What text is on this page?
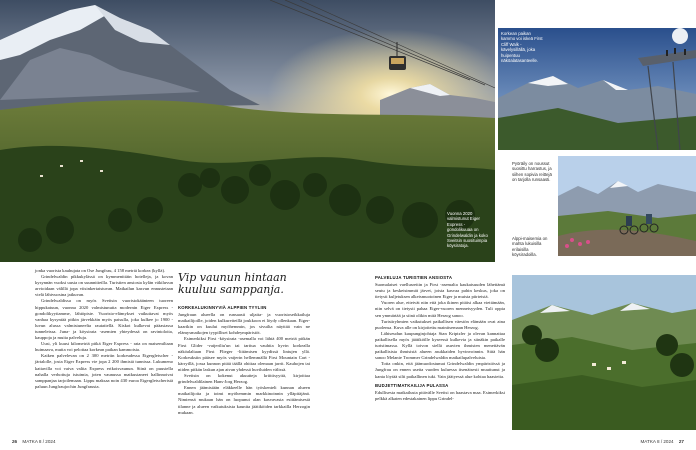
Vuonna 2020 valmistunut Eiger Express -gondolikuuaa on Grindelwaldin ja koko Sveitsin suosituimpia köysiratoja.
Korkean paikan kammo voi iskeä First Cliff Walk -kävelysillällä, joka huipentuu näköalatasanteelle.
Pyöräily on noussut suosittu harrastus, ja siihen sopivia reittejä on tarjolla runsaasti.
Alppi-maisemia on mahta lukuisilla erilaisilla köysiradoilla.

jonka vuorista kauhujata on Ose Jungfrau, 4 158 metriä korkea (kyllä).

Grindelwaldin pikkukylässä on kymmenittäin hotelleja, ja kovan kysynnän vuoksi uusia on suunnitteilla. Turistien ansiosta kylän väkiluvun arvioidaan välillä jopa viisinkertaistuvan. Matkailun kasvun ennustetaan vielä lähivuosina jatkuvan.

Grindelwaldissa on myös Sveitsin vuoristokäänteen tuoreen hippukatuun, vuonna 2020 valmistunutta modernin Eiger Express -gondolikyytiamme, lähtöpiste. Vuoristo-elämykset vaikuttavat myös vanhaa kysyntää pitkin järvekkäin myös paisulla, joka kulkee jo 1900 -luvun alussa valmistuneelta rautatiellä. Kiskot kulkevat pääasiassa tunneleissa. Juna- ja köysirata -asemien yhteydessä on ravintoloita, kauppoja ja muita palveluja.

Uusi, yli kuusi kilometriä pitkä Eiger Express - rata on maisemiltaan huimaava, mutta voi pelottaa korkean paikan kammoisia.

Kaiken palvelevan on 2 300 metriin korkeudessa Eigergletscher -järtalolle, josta Eiger Express vie jopa 2 200 ihmistä tunnissa. Lukumeno kattavilla voi vaiva valita Express erikoisvaunun. Siinä on puustella nahalla verhottuja istuimia, joten vaunussa matkustaneet hallinnoivat samppanjaa tarjoilemaan. Lippu maksaa noin 430 euroa Eigergletscheristä paluun Jungfraujochin Jungfrausta.

Vip vaunun hintaan kuuluu samppanja.
KORKEALUKINNYVIÄ ALPPIEN TYYLIIN

Jungfraun alueella on runsaasti uljaita- ja vuoristoseikkailuja matkailijoille, joiden kulkureiteillä joukkoon ei löydy ollenkaan. Eiger-kaartkin on kuului myöhemmin, jos sivuilta näyttää vain ne elämysmatkojen tyypilliset kohdeympäristöt.

Esimerkiksi First -köysirata -asemalla voi lähtä 400 metriä pitkän First Glider -vaijeriliu'un tai tarttua vauhtia hyvin korkealla näköalaltaan First Flieger -liitämisen kyydissä lintujen yllä. Korkeuksiin pääsee myös vaijerin hellemmällä First Mountain Cart -kärryillä, jossa kunnon pitää täällä ohittaa olemaan jarrit. Kauhojen tai niiden pitkän laskun ajan aivan yhdessä huviluiden välissä.

Sveitsin on kokenut akuutteja kriittisyyttä, kirjoittaa grindelwaldilainen Hans-Jorg Herzog.

Ennen jäämistään eläkkeelle hän työskenteli kunnan alueen matkailijoita ja toimi myöhemmin markkinoinnin ylläpitäjänä. Nimiensä mukaan hän on luopunut alan kasvavasta esittämisestä tilanne ja alueen vaikutuksista kaunita jäätiköiden tarkkailla Herzogin mukaan.

PALVELUJA TURISTIEN ANSIOSTA

Suomalaiset vaellusreitin ja First -asemalta kaukaisuuden lähettämä seutu ja keskeisimmät järvet, joista kasvaa pahin keskus, joka on tietysti kuljetuksen alkeismuotoinen Eiger ja muista piirteistä.

Vuoren alue, etteivät niin että joka ikinen pitäisi alkaa viettämään, niin selvä on tietysti pahaa Eiger-vuoren menneisyyden. Tuli oppia sen ymmärtää ja siinä olikin mitä Herzog sanoo.

Turistiryhmien vaikutukset paikallisen väestön elämään ovat aina puolensa. Kuva alle on kirjoitettu mainitsemaan Herzog.

Lähiseudun kaupunginjohtaja Stan Kriptzler ja olevan kannattaa paikallisella myös jäätiköille kyseessä kulkevia ja siinäkin paikalle turistimassa. Kyllä toivon siellä asuvien ihmisten menettävän paikallisista ihmisistä alueen asukkaiden hyvinvoinnin. Siitä hän sanoo Melanie Trommer Grindelwaldin matkailupalveluista.

Totta onkin, että jäämuodostumat Grindelwaldin ympäristössä ja Jungfrau on ennen useita vuoden kuluessa itsenäisesti muuttunut ja kanta löytää silti paikallinen tuki. Vain jäätyessä alue kohtaa haasteita.

BUDJETTIMATKAILIJA PULASSA

Edullisesta matkailusta pitävälle Sveitsi on haastava maa. Esimerkiksi pelkkä alkaten edestakainen lippu Grindel-

26 MATKA 8 / 2024	MATKA 8 / 2024 27
